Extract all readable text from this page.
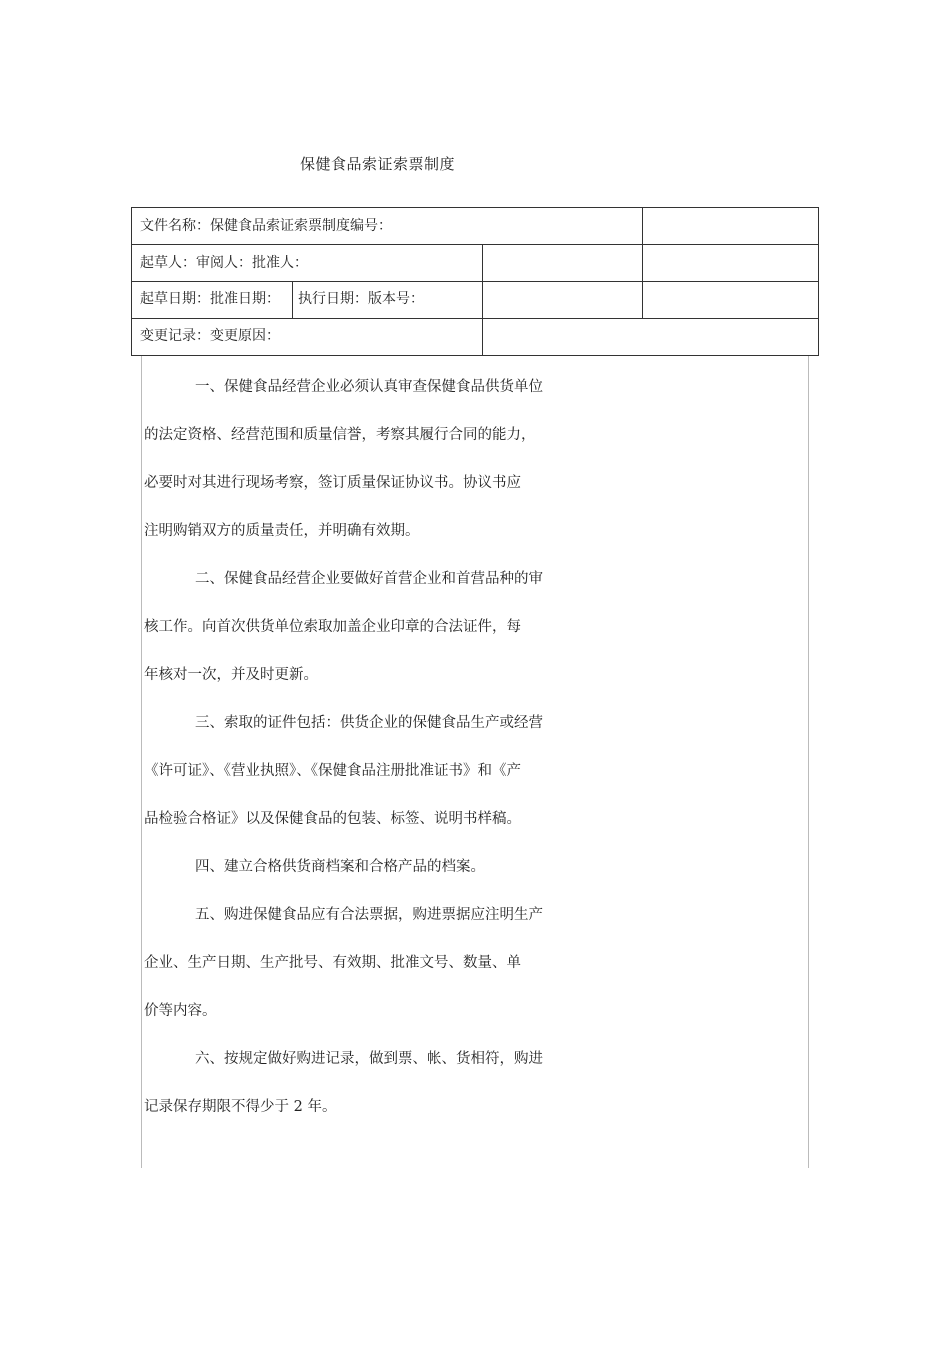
保健食品索证索票制度
文件名称：保健食品索证索票制度编号：
起草人：审阅人：批准人：
起草日期：批准日期： 执行日期：版本号：
变更记录：变更原因：
一、保健食品经营企业必须认真审查保健食品供货单位
的法定资格、经营范围和质量信誉，考察其履行合同的能力，
必要时对其进行现场考察，签订质量保证协议书。协议书应
注明购销双方的质量责任，并明确有效期。
二、保健食品经营企业要做好首营企业和首营品种的审
核工作。向首次供货单位索取加盖企业印章的合法证件，每
年核对一次，并及时更新。
三、索取的证件包括：供货企业的保健食品生产或经营
《许可证》、《营业执照》、《保健食品注册批准证书》和《产
品检验合格证》以及保健食品的包装、标签、说明书样稿。
四、建立合格供货商档案和合格产品的档案。
五、购进保健食品应有合法票据，购进票据应注明生产
企业、生产日期、生产批号、有效期、批准文号、数量、单
价等内容。
六、按规定做好购进记录，做到票、帐、货相符，购进
记录保存期限不得少于 2 年。
